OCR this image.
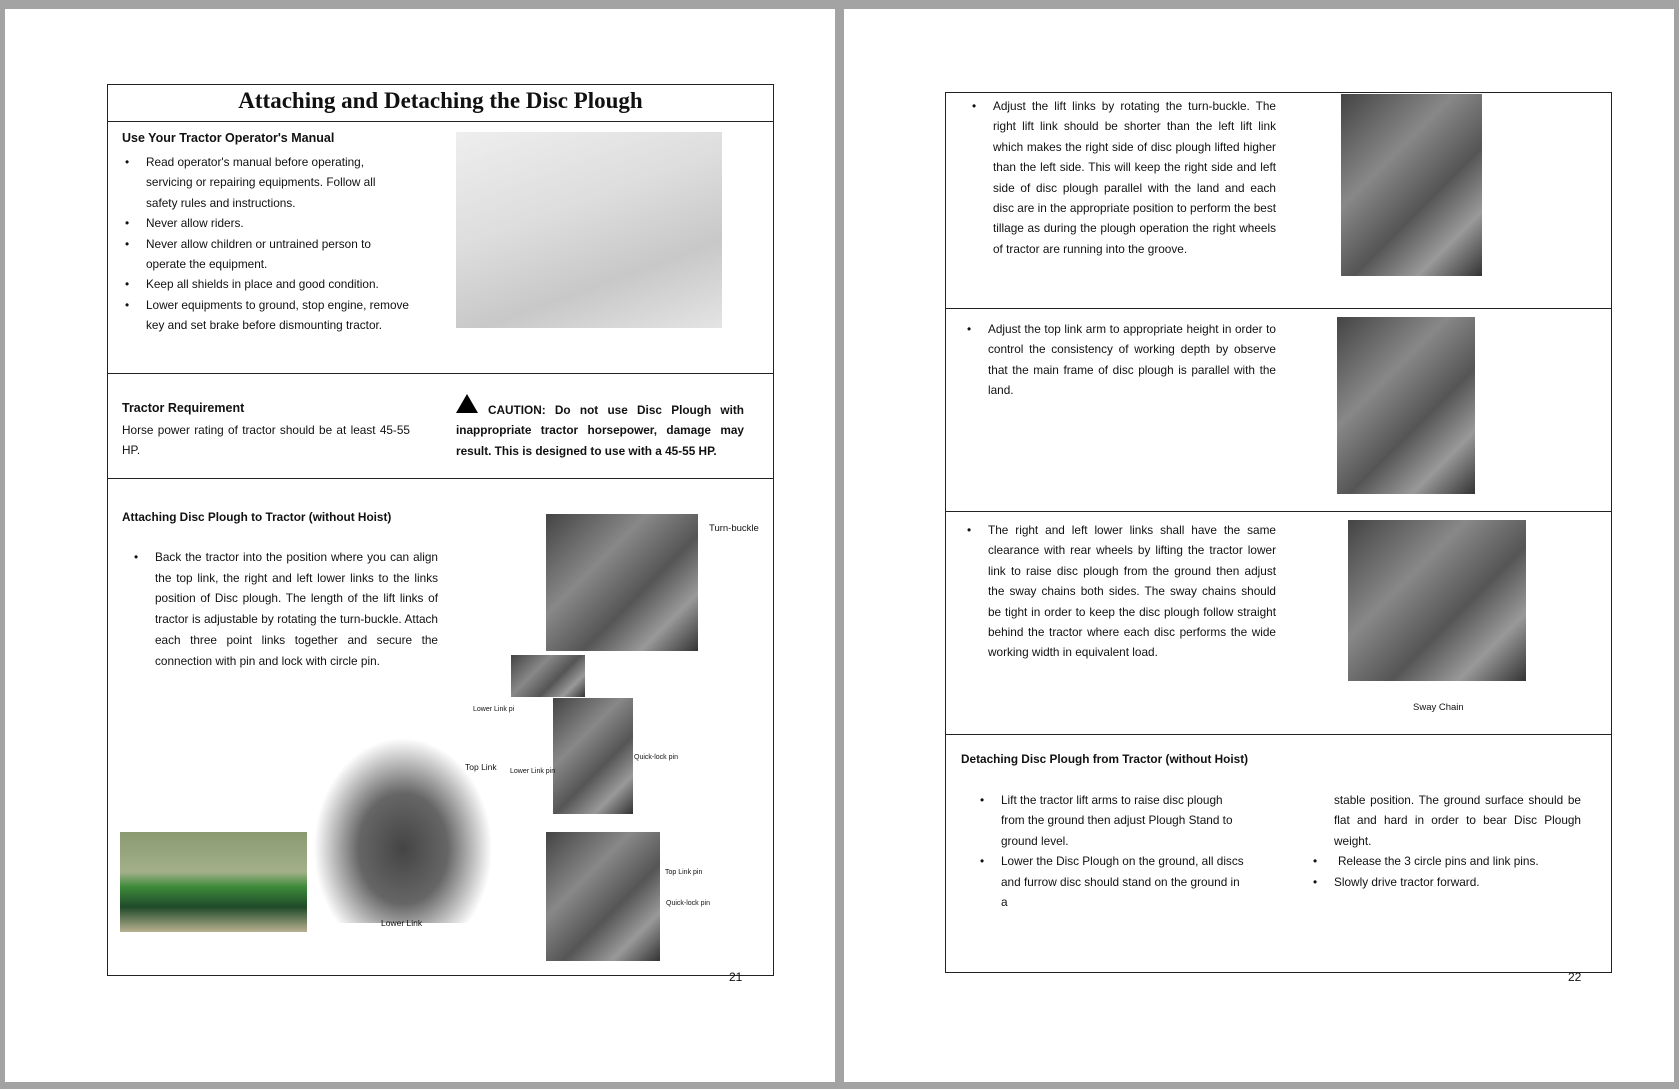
Attaching and Detaching the Disc Plough
Use Your Tractor Operator's Manual
• Read operator's manual before operating, servicing or repairing equipments. Follow all safety rules and instructions.
• Never allow riders.
• Never allow children or untrained person to operate the equipment.
• Keep all shields in place and good condition.
• Lower equipments to ground, stop engine, remove key and set brake before dismounting tractor.
Tractor Requirement
Horse power rating of tractor should be at least 45-55 HP.
CAUTION: Do not use Disc Plough with inappropriate tractor horsepower, damage may result. This is designed to use with a 45-55 HP.
Attaching Disc Plough to Tractor (without Hoist)
• Back the tractor into the position where you can align the top link, the right and left lower links to the links position of Disc plough. The length of the lift links of tractor is adjustable by rotating the turn-buckle. Attach each three point links together and secure the connection with pin and lock with circle pin.
Turn-buckle
Lower Link pi
Quick-lock pin
Lower Link pin
Top Link
Lower Link
Top Link pin
Quick-lock pin
21
• Adjust the lift links by rotating the turn-buckle. The right lift link should be shorter than the left lift link which makes the right side of disc plough lifted higher than the left side. This will keep the right side and left side of disc plough parallel with the land and each disc are in the appropriate position to perform the best tillage as during the plough operation the right wheels of tractor are running into the groove.
• Adjust the top link arm to appropriate height in order to control the consistency of working depth by observe that the main frame of disc plough is parallel with the land.
• The right and left lower links shall have the same clearance with rear wheels by lifting the tractor lower link to raise disc plough from the ground then adjust the sway chains both sides. The sway chains should be tight in order to keep the disc plough follow straight behind the tractor where each disc performs the wide working width in equivalent load.
Sway Chain
Detaching Disc Plough from Tractor (without Hoist)
• Lift the tractor lift arms to raise disc plough from the ground then adjust Plough Stand to ground level.
• Lower the Disc Plough on the ground, all discs and furrow disc should stand on the ground in a
stable position. The ground surface should be flat and hard in order to bear Disc Plough weight.
• Release the 3 circle pins and link pins.
• Slowly drive tractor forward.
22
